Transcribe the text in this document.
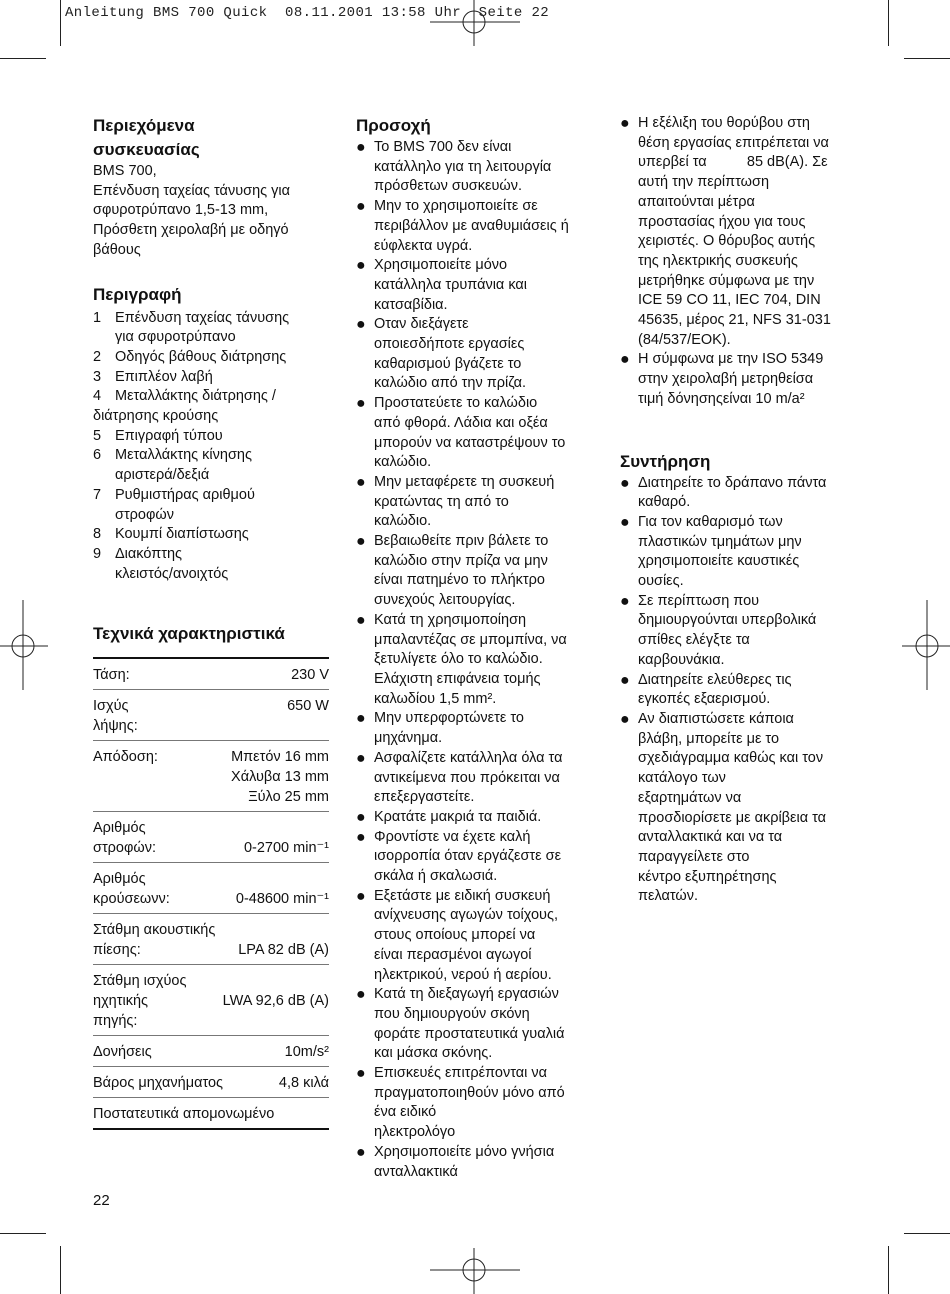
Anleitung BMS 700 Quick  08.11.2001 13:58 Uhr  Seite 22
Περιεχόμενα
συσκευασίας
BMS 700,
Επένδυση ταχείας τάνυσης για
σφυροτρύπανο 1,5-13 mm,
Πρόσθετη χειρολαβή με οδηγό
βάθους
Περιγραφή
1 Επένδυση ταχείας τάνυσης
για σφυροτρύπανο
2 Οδηγός βάθους διάτρησης
3 Επιπλέον λαβή
4 Μεταλλάκτης διάτρησης /
διάτρησης κρούσης
5 Επιγραφή τύπου
6 Μεταλλάκτης κίνησης
αριστερά/δεξιά
7 Ρυθμιστήρας αριθμού
στροφών
8 Κουμπί διαπίστωσης
9 Διακόπτης
κλειστός/ανοιχτός
Τεχνικά χαρακτηριστικά
Τάση:	230 V
Ισχύς
λήψης:
650 W
Απόδοση:	Μπετόν 16 mm
Χάλυβα 13 mm
Ξύλο 25 mm
Αριθμός
στροφών:	
0-2700 min⁻¹
Αριθμός
κρούσεωνν:	
0-48600 min⁻¹
Στάθμη ακουστικής
πίεσης:	
LPA 82 dB (A)
Στάθμη ισχύος ηχητικής
πηγής:

LWA 92,6 dB (A)
Δονήσεις	10m/s²
Βάρος μηχανήματος	4,8 κιλά
Ποστατευτικά απομονωμένο
Προσοχή
● Το BMS 700 δεν είναι
κατάλληλο για τη λειτουργία
πρόσθετων συσκευών.
● Μην το χρησιμοποιείτε σε
περιβάλλον με αναθυμιάσεις ή
εύφλεκτα υγρά.
● Χρησιμοποιείτε μόνο
κατάλληλα τρυπάνια και
κατσαβίδια.
● Οταν διεξάγετε
οποιεσδήποτε εργασίες
καθαρισμού βγάζετε το
καλώδιο από την πρίζα.
● Προστατεύετε το καλώδιο
από φθορά. Λάδια και οξέα
μπορούν να καταστρέψουν το
καλώδιο.
● Μην μεταφέρετε τη συσκευή
κρατώντας τη από το
καλώδιο.
● Βεβαιωθείτε πριν βάλετε το
καλώδιο στην πρίζα να μην
είναι πατημένο το πλήκτρο
συνεχούς λειτουργίας.
● Κατά τη χρησιμοποίηση
μπαλαντέζας σε μπομπίνα, να
ξετυλίγετε όλο το καλώδιο.
Ελάχιστη επιφάνεια τομής
καλωδίου 1,5 mm².
● Μην υπερφορτώνετε το
μηχάνημα.
● Ασφαλίζετε κατάλληλα όλα τα
αντικείμενα που πρόκειται να
επεξεργαστείτε.
● Κρατάτε μακριά τα παιδιά.
● Φροντίστε να έχετε καλή
ισορροπία όταν εργάζεστε σε
σκάλα ή σκαλωσιά.
● Εξετάστε με ειδική συσκευή
ανίχνευσης αγωγών τοίχους,
στους οποίους μπορεί να
είναι περασμένοι αγωγοί
ηλεκτρικού, νερού ή αερίου.
● Κατά τη διεξαγωγή εργασιών
που δημιουργούν σκόνη
φοράτε προστατευτικά γυαλιά
και μάσκα σκόνης.
● Επισκευές επιτρέπονται να
πραγματοποιηθούν μόνο από
ένα ειδικό
ηλεκτρολόγο
● Χρησιμοποιείτε μόνο γνήσια
ανταλλακτικά
● Η εξέλιξη του θορύβου στη
θέση εργασίας επιτρέπεται να
υπερβεί τα          85 dB(A). Σε
αυτή την περίπτωση
απαιτούνται μέτρα
προστασίας ήχου για τους
χειριστές. Ο θόρυβος αυτής
της ηλεκτρικής συσκευής
μετρήθηκε σύμφωνα με την
ICE 59 CO 11, IEC 704, DIN
45635, μέρος 21, NFS 31-031
(84/537/EOK).
● Η σύμφωνα με την ISO 5349
στην χειρολαβή μετρηθείσα
τιμή δόνησηςείναι 10 m/a²
Συντήρηση
● Διατηρείτε το δράπανο πάντα
καθαρό.
● Για τον καθαρισμό των
πλαστικών τμημάτων μην
χρησιμοποιείτε καυστικές
ουσίες.
● Σε περίπτωση που
δημιουργούνται υπερβολικά
σπίθες ελέγξτε τα
καρβουνάκια.
● Διατηρείτε ελεύθερες τις
εγκοπές εξαερισμού.
● Αν διαπιστώσετε κάποια
βλάβη, μπορείτε με το
σχεδιάγραμμα καθώς και τον
κατάλογο των
εξαρτημάτων να
προσδιορίσετε με ακρίβεια τα
ανταλλακτικά και να τα
παραγγείλετε στο
κέντρο εξυπηρέτησης
πελατών.
22
